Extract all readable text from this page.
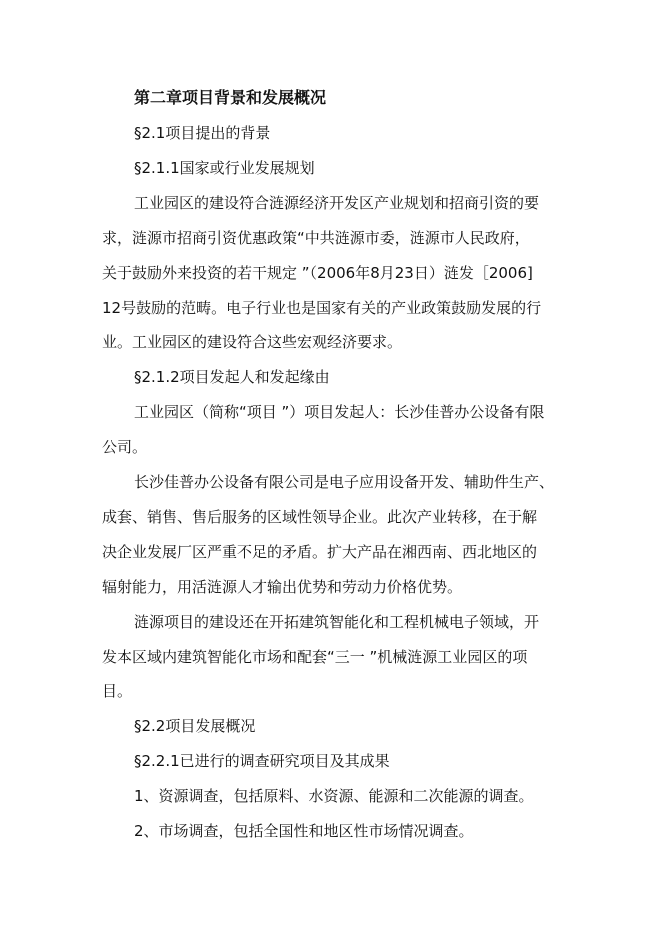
第二章项目背景和发展概况
§2.1项目提出的背景
§2.1.1国家或行业发展规划
工业园区的建设符合涟源经济开发区产业规划和招商引资的要
求，涟源市招商引资优惠政策“中共涟源市委，涟源市人民政府，
关于鼓励外来投资的若干规定 ”（2006年8月23日）涟发［2006]
12号鼓励的范畴。电子行业也是国家有关的产业政策鼓励发展的行
业。工业园区的建设符合这些宏观经济要求。
§2.1.2项目发起人和发起缘由
工业园区（简称“项目 ”）项目发起人：长沙佳普办公设备有限
公司。
长沙佳普办公设备有限公司是电子应用设备开发、辅助件生产、
成套、销售、售后服务的区域性领导企业。此次产业转移，在于解
决企业发展厂区严重不足的矛盾。扩大产品在湘西南、西北地区的
辐射能力，用活涟源人才输出优势和劳动力价格优势。
涟源项目的建设还在开拓建筑智能化和工程机械电子领域，开
发本区域内建筑智能化市场和配套“三一 ”机械涟源工业园区的项
目。
§2.2项目发展概况
§2.2.1已进行的调查研究项目及其成果
1、资源调查，包括原料、水资源、能源和二次能源的调查。
2、市场调查，包括全国性和地区性市场情况调查。
